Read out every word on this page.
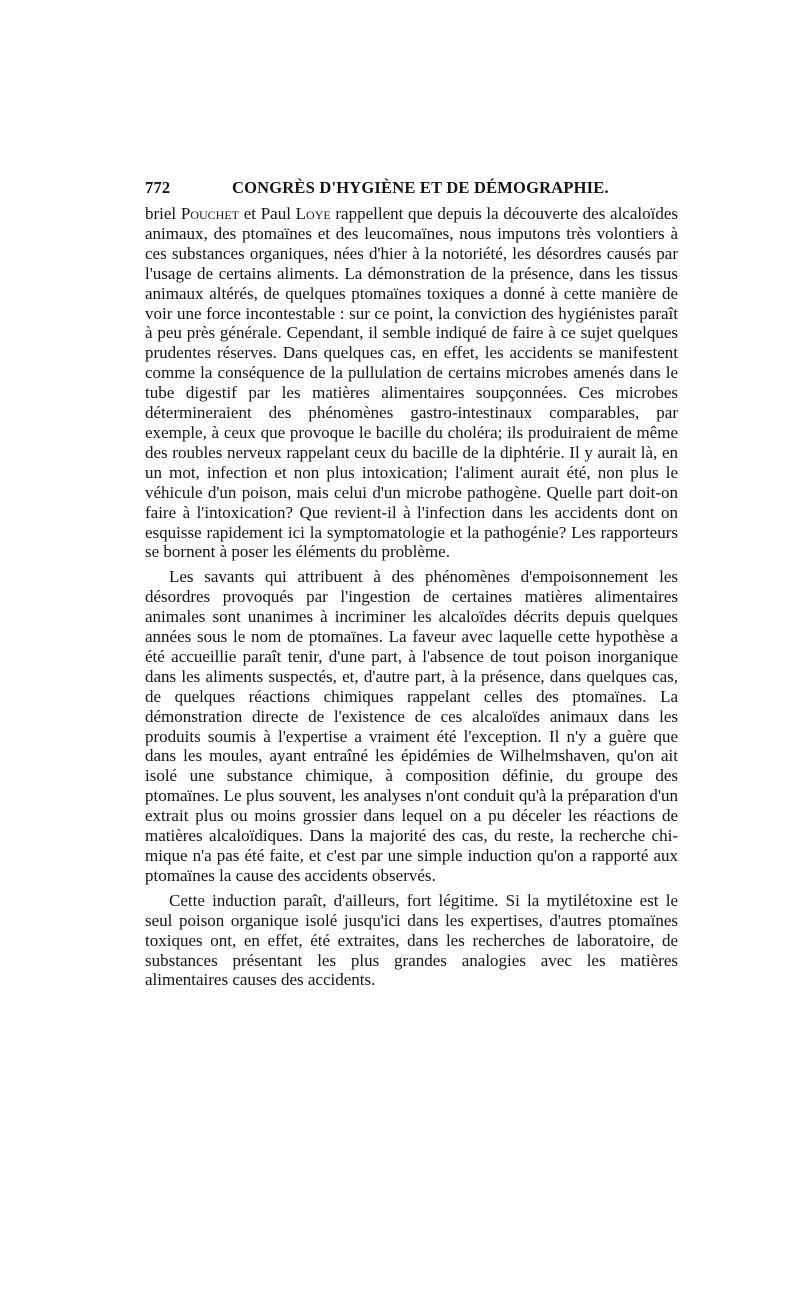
772	CONGRÈS D'HYGIÈNE ET DE DÉMOGRAPHIE.

briel Pouchet et Paul Loye rappellent que depuis la découverte des alcaloïdes animaux, des ptomaïnes et des leucomaïnes, nous imputons très volontiers à ces substances organiques, nées d'hier à la notoriété, les désordres causés par l'usage de certains aliments. La démonstration de la présence, dans les tissus animaux altérés, de quelques ptomaïnes toxiques a donné à cette manière de voir une force incontestable : sur ce point, la conviction des hygiénistes paraît à peu près générale. Cependant, il semble indiqué de faire à ce sujet quelques prudentes réserves. Dans quelques cas, en effet, les accidents se manifestent comme la conséquence de la pullulation de certains microbes amenés dans le tube digestif par les matières alimentaires soupçonnées. Ces microbes détermineraient des phénomènes gastro-intestinaux comparables, par exemple, à ceux que provoque le bacille du choléra; ils produiraient de même des roubles nerveux rappelant ceux du bacille de la diphtérie. Il y aurait là, en un mot, infection et non plus intoxication; l'aliment aurait été, non plus le véhicule d'un poison, mais celui d'un microbe pathogène. Quelle part doit-on faire à l'intoxication? Que revient-il à l'infection dans les accidents dont on esquisse rapidement ici la symptomatologie et la pathogénie? Les rapporteurs se bornent à poser les éléments du problème.

Les savants qui attribuent à des phénomènes d'empoisonnement les désordres provoqués par l'ingestion de certaines matières alimentaires animales sont unanimes à incriminer les alcaloïdes décrits depuis quelques années sous le nom de ptomaïnes. La faveur avec laquelle cette hypothèse a été accueillie paraît tenir, d'une part, à l'absence de tout poison inorganique dans les aliments suspectés, et, d'autre part, à la présence, dans quelques cas, de quelques réactions chimiques rappelant celles des ptomaïnes. La démonstration directe de l'existence de ces alcaloïdes animaux dans les produits soumis à l'expertise a vraiment été l'exception. Il n'y a guère que dans les moules, ayant entraîné les épidémies de Wilhelmshaven, qu'on ait isolé une substance chimique, à composition définie, du groupe des ptomaïnes. Le plus souvent, les analyses n'ont conduit qu'à la préparation d'un extrait plus ou moins grossier dans lequel on a pu déceler les réactions de matières alcaloïdiques. Dans la majorité des cas, du reste, la recherche chimique n'a pas été faite, et c'est par une simple induction qu'on a rapporté aux ptomaïnes la cause des accidents observés.

Cette induction paraît, d'ailleurs, fort légitime. Si la mytilétoxine est le seul poison organique isolé jusqu'ici dans les expertises, d'autres ptomaïnes toxiques ont, en effet, été extraites, dans les recherches de laboratoire, de substances présentant les plus grandes analogies avec les matières alimentaires causes des accidents.
